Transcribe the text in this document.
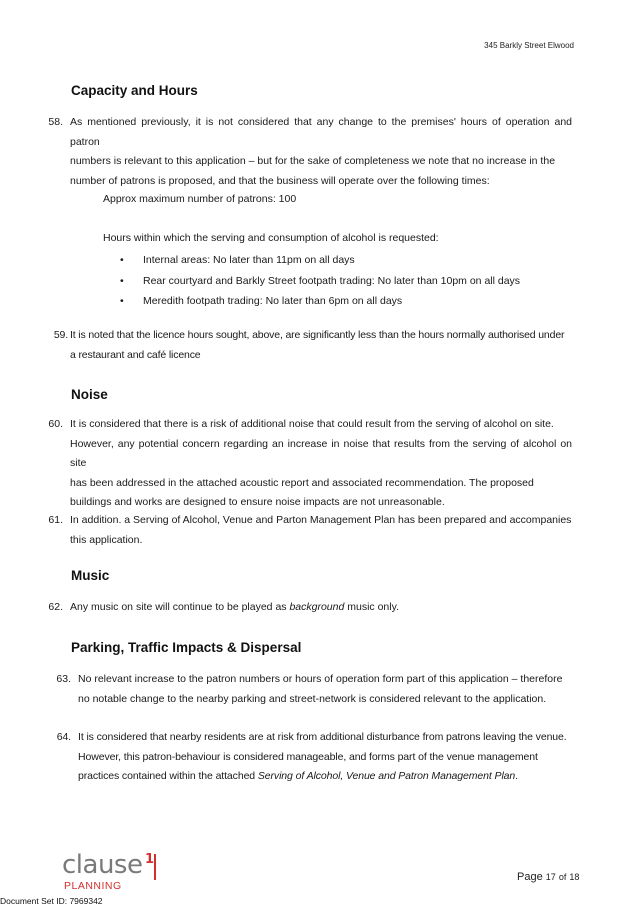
345 Barkly Street Elwood
Capacity and Hours
58. As mentioned previously, it is not considered that any change to the premises' hours of operation and patron
numbers is relevant to this application – but for the sake of completeness we note that no increase in the
number of patrons is proposed, and that the business will operate over the following times:
Approx maximum number of patrons: 100
Hours within which the serving and consumption of alcohol is requested:
• Internal areas: No later than 11pm on all days
• Rear courtyard and Barkly Street footpath trading: No later than 10pm on all days
• Meredith footpath trading: No later than 6pm on all days
59. It is noted that the licence hours sought, above, are significantly less than the hours normally authorised under
a restaurant and café licence
Noise
60. It is considered that there is a risk of additional noise that could result from the serving of alcohol on site.
However, any potential concern regarding an increase in noise that results from the serving of alcohol on site
has been addressed in the attached acoustic report and associated recommendation. The proposed
buildings and works are designed to ensure noise impacts are not unreasonable.
61. In addition. a Serving of Alcohol, Venue and Parton Management Plan has been prepared and accompanies
this application.
Music
62. Any music on site will continue to be played as background music only.
Parking, Traffic Impacts & Dispersal
63. No relevant increase to the patron numbers or hours of operation form part of this application – therefore
no notable change to the nearby parking and street-network is considered relevant to the application.
64. It is considered that nearby residents are at risk from additional disturbance from patrons leaving the venue.
However, this patron-behaviour is considered manageable, and forms part of the venue management
practices contained within the attached Serving of Alcohol, Venue and Patron Management Plan.
clause 1
PLANNING
Page 17 of 18
Document Set ID: 7969342
